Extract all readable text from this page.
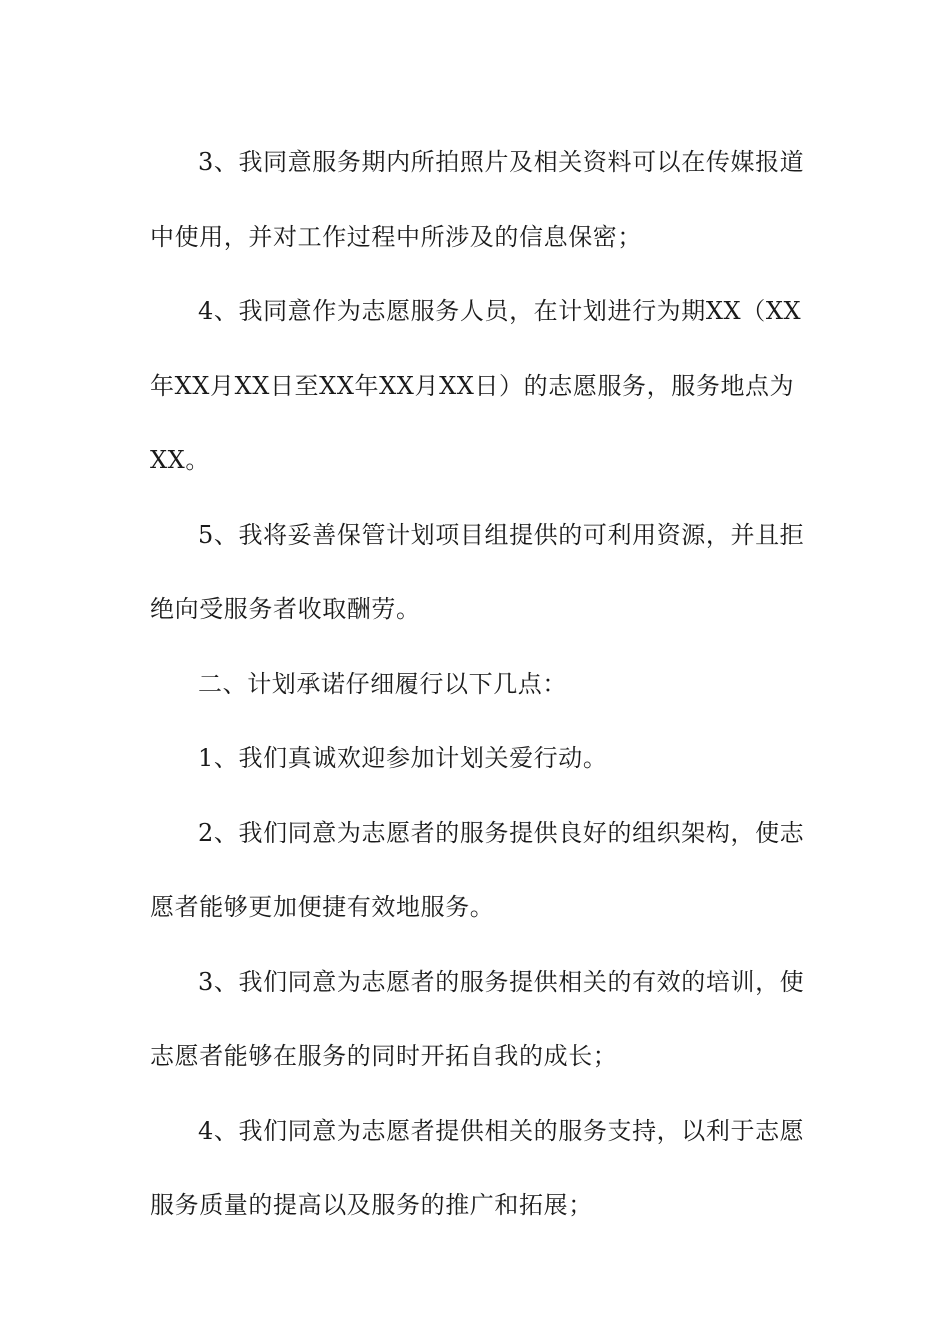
3、我同意服务期内所拍照片及相关资料可以在传媒报道中使用，并对工作过程中所涉及的信息保密；

4、我同意作为志愿服务人员，在计划进行为期XX（XX年XX月XX日至XX年XX月XX日）的志愿服务，服务地点为XX。

5、我将妥善保管计划项目组提供的可利用资源，并且拒绝向受服务者收取酬劳。

二、计划承诺仔细履行以下几点：

1、我们真诚欢迎参加计划关爱行动。

2、我们同意为志愿者的服务提供良好的组织架构，使志愿者能够更加便捷有效地服务。

3、我们同意为志愿者的服务提供相关的有效的培训，使志愿者能够在服务的同时开拓自我的成长；

4、我们同意为志愿者提供相关的服务支持，以利于志愿服务质量的提高以及服务的推广和拓展；
